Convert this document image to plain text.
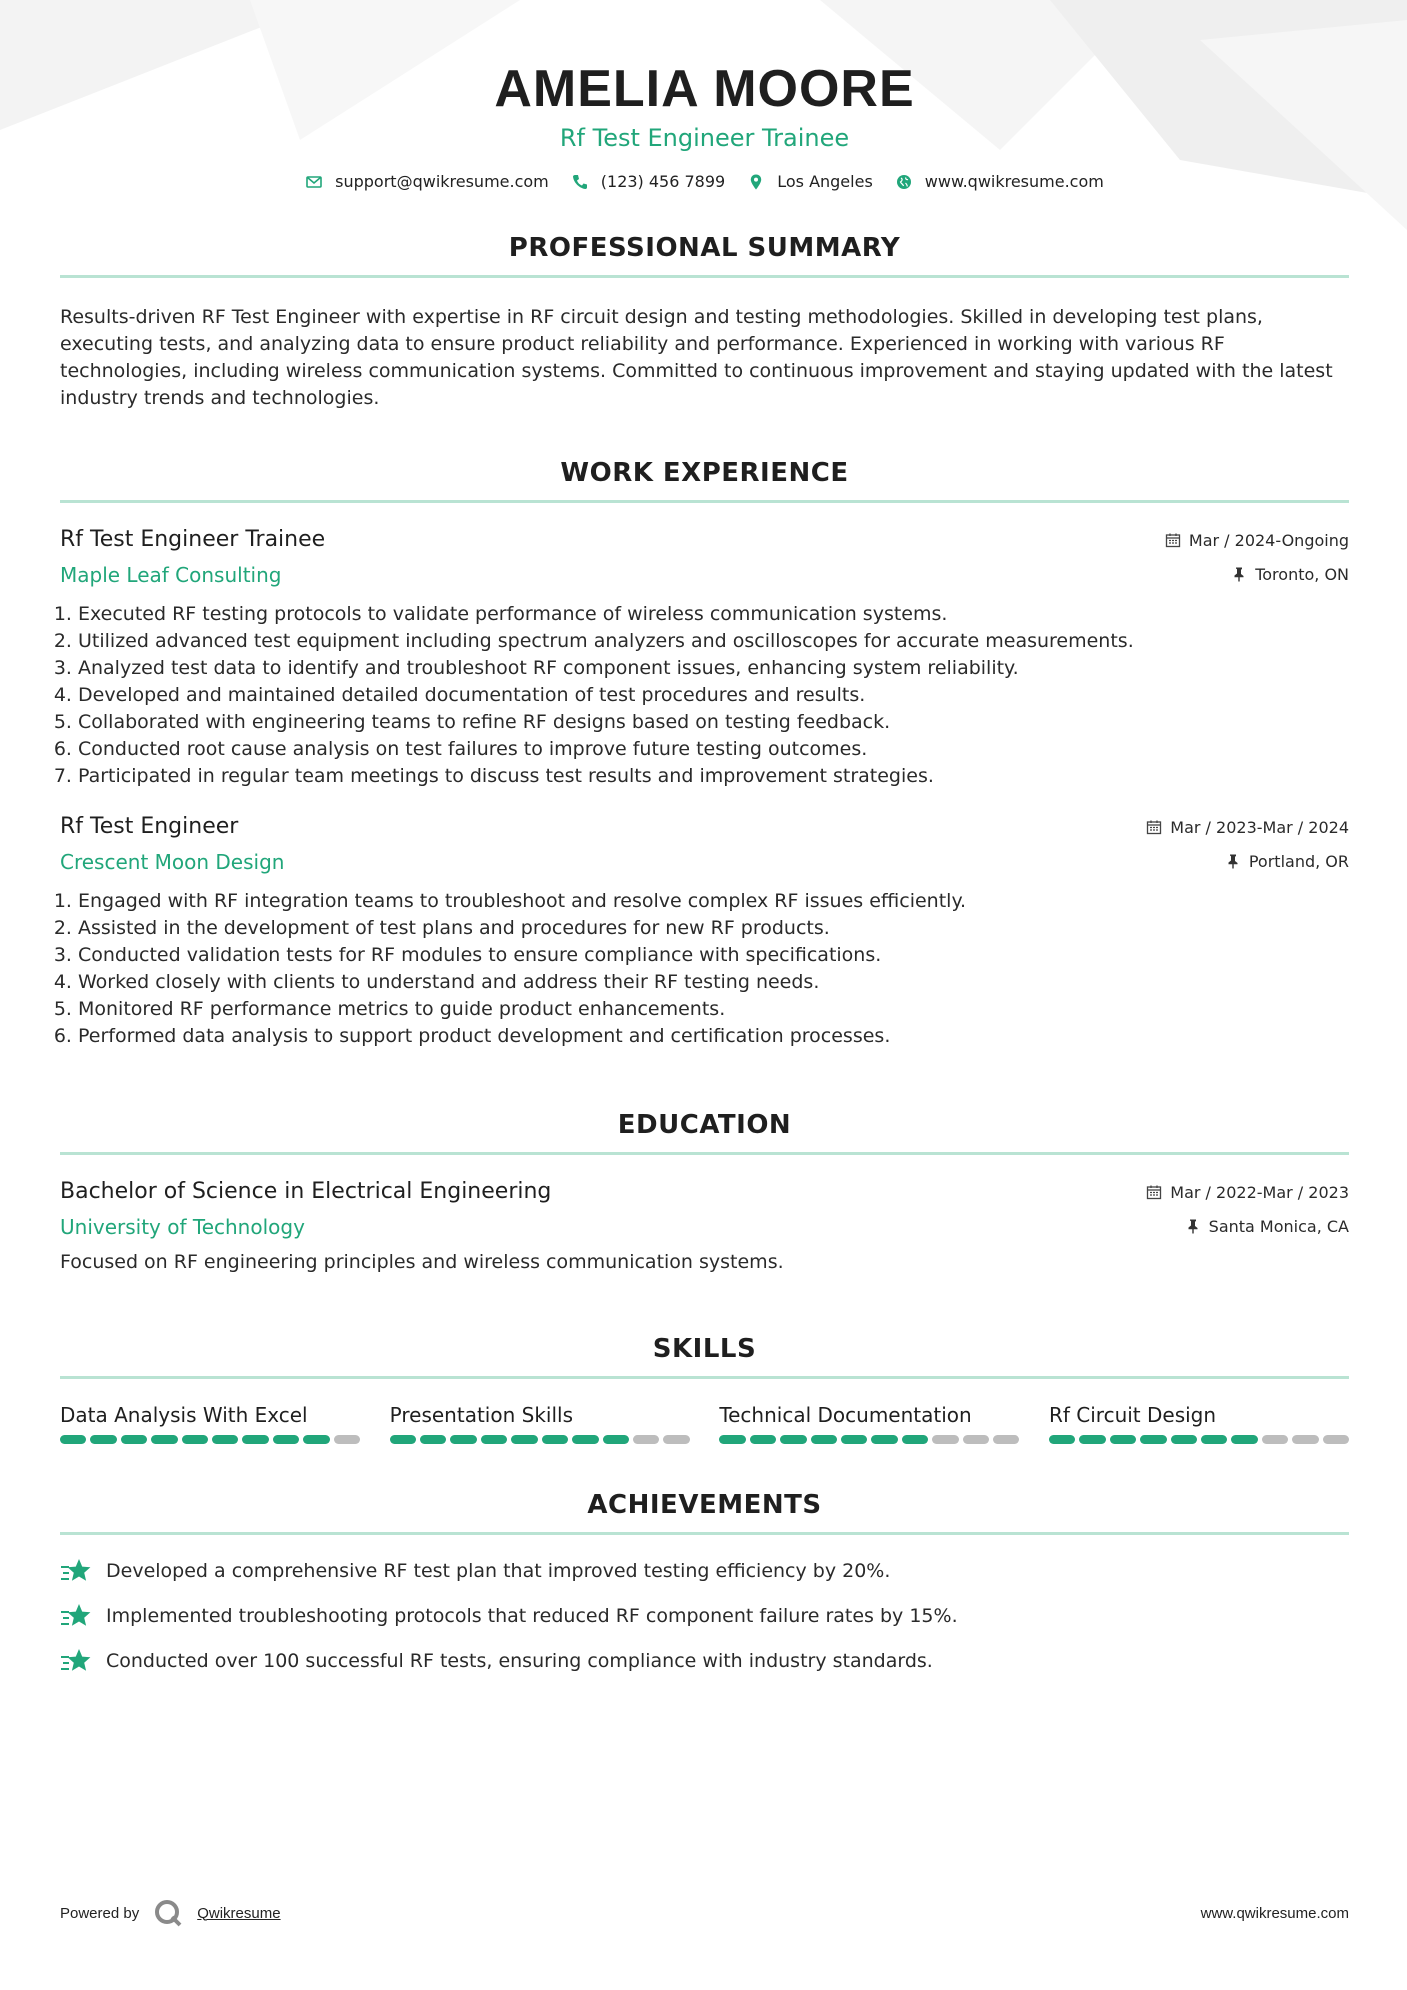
AMELIA MOORE
Rf Test Engineer Trainee
support@qwikresume.com	(123) 456 7899	Los Angeles	www.qwikresume.com
PROFESSIONAL SUMMARY

Results-driven RF Test Engineer with expertise in RF circuit design and testing methodologies. Skilled in developing test plans, executing tests, and analyzing data to ensure product reliability and performance. Experienced in working with various RF technologies, including wireless communication systems. Committed to continuous improvement and staying updated with the latest industry trends and technologies.

WORK EXPERIENCE
Rf Test Engineer Trainee
Maple Leaf Consulting
Mar / 2024-Ongoing
Toronto, ON
1. Executed RF testing protocols to validate performance of wireless communication systems.
2. Utilized advanced test equipment including spectrum analyzers and oscilloscopes for accurate measurements.
3. Analyzed test data to identify and troubleshoot RF component issues, enhancing system reliability.
4. Developed and maintained detailed documentation of test procedures and results.
5. Collaborated with engineering teams to refine RF designs based on testing feedback.
6. Conducted root cause analysis on test failures to improve future testing outcomes.
7. Participated in regular team meetings to discuss test results and improvement strategies.
Rf Test Engineer
Crescent Moon Design
Mar / 2023-Mar / 2024
Portland, OR
1. Engaged with RF integration teams to troubleshoot and resolve complex RF issues efficiently.
2. Assisted in the development of test plans and procedures for new RF products.
3. Conducted validation tests for RF modules to ensure compliance with specifications.
4. Worked closely with clients to understand and address their RF testing needs.
5. Monitored RF performance metrics to guide product enhancements.
6. Performed data analysis to support product development and certification processes.
EDUCATION
Bachelor of Science in Electrical Engineering
University of Technology
Mar / 2022-Mar / 2023
Santa Monica, CA

Focused on RF engineering principles and wireless communication systems.

SKILLS
Data Analysis With Excel	Presentation Skills	Technical Documentation	Rf Circuit Design
ACHIEVEMENTS
Developed a comprehensive RF test plan that improved testing efficiency by 20%.
Implemented troubleshooting protocols that reduced RF component failure rates by 15%.
Conducted over 100 successful RF tests, ensuring compliance with industry standards.
Powered by	Qwikresume	www.qwikresume.com
